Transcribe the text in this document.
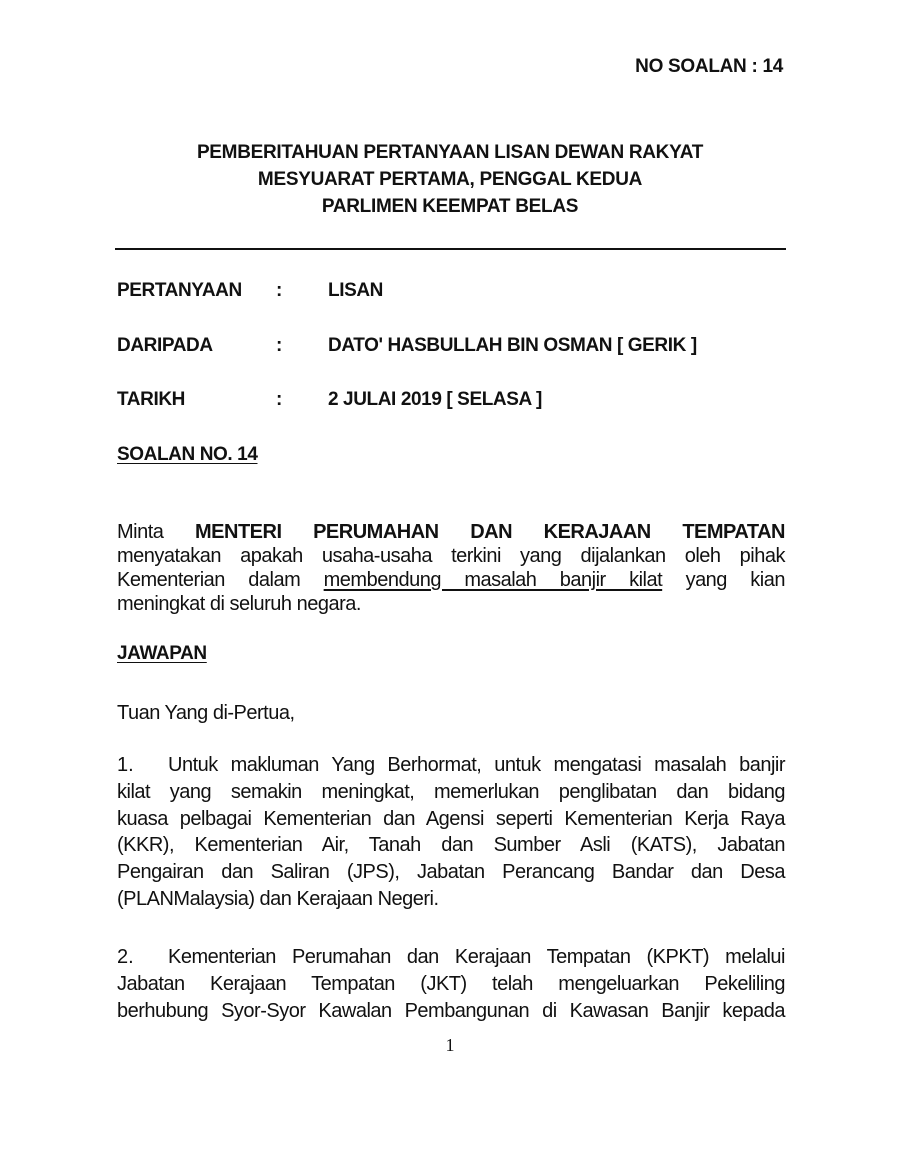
NO SOALAN : 14
PEMBERITAHUAN PERTANYAAN LISAN DEWAN RAKYAT
MESYUARAT PERTAMA, PENGGAL KEDUA
PARLIMEN KEEMPAT BELAS
PERTANYAAN : LISAN
DARIPADA	: DATO' HASBULLAH BIN OSMAN [ GERIK ]
TARIKH	: 2 JULAI 2019 [ SELASA ]
SOALAN NO. 14
Minta MENTERI PERUMAHAN DAN KERAJAAN TEMPATAN
menyatakan apakah usaha-usaha terkini yang dijalankan oleh pihak
Kementerian dalam membendung masalah banjir kilat yang kian
meningkat di seluruh negara.
JAWAPAN
Tuan Yang di-Pertua,
1. Untuk makluman Yang Berhormat, untuk mengatasi masalah banjir
kilat yang semakin meningkat, memerlukan penglibatan dan bidang
kuasa pelbagai Kementerian dan Agensi seperti Kementerian Kerja Raya
(KKR), Kementerian Air, Tanah dan Sumber Asli (KATS), Jabatan
Pengairan dan Saliran (JPS), Jabatan Perancang Bandar dan Desa
(PLANMalaysia) dan Kerajaan Negeri.
2. Kementerian Perumahan dan Kerajaan Tempatan (KPKT) melalui
Jabatan Kerajaan Tempatan (JKT) telah mengeluarkan Pekeliling
berhubung Syor-Syor Kawalan Pembangunan di Kawasan Banjir kepada
1
